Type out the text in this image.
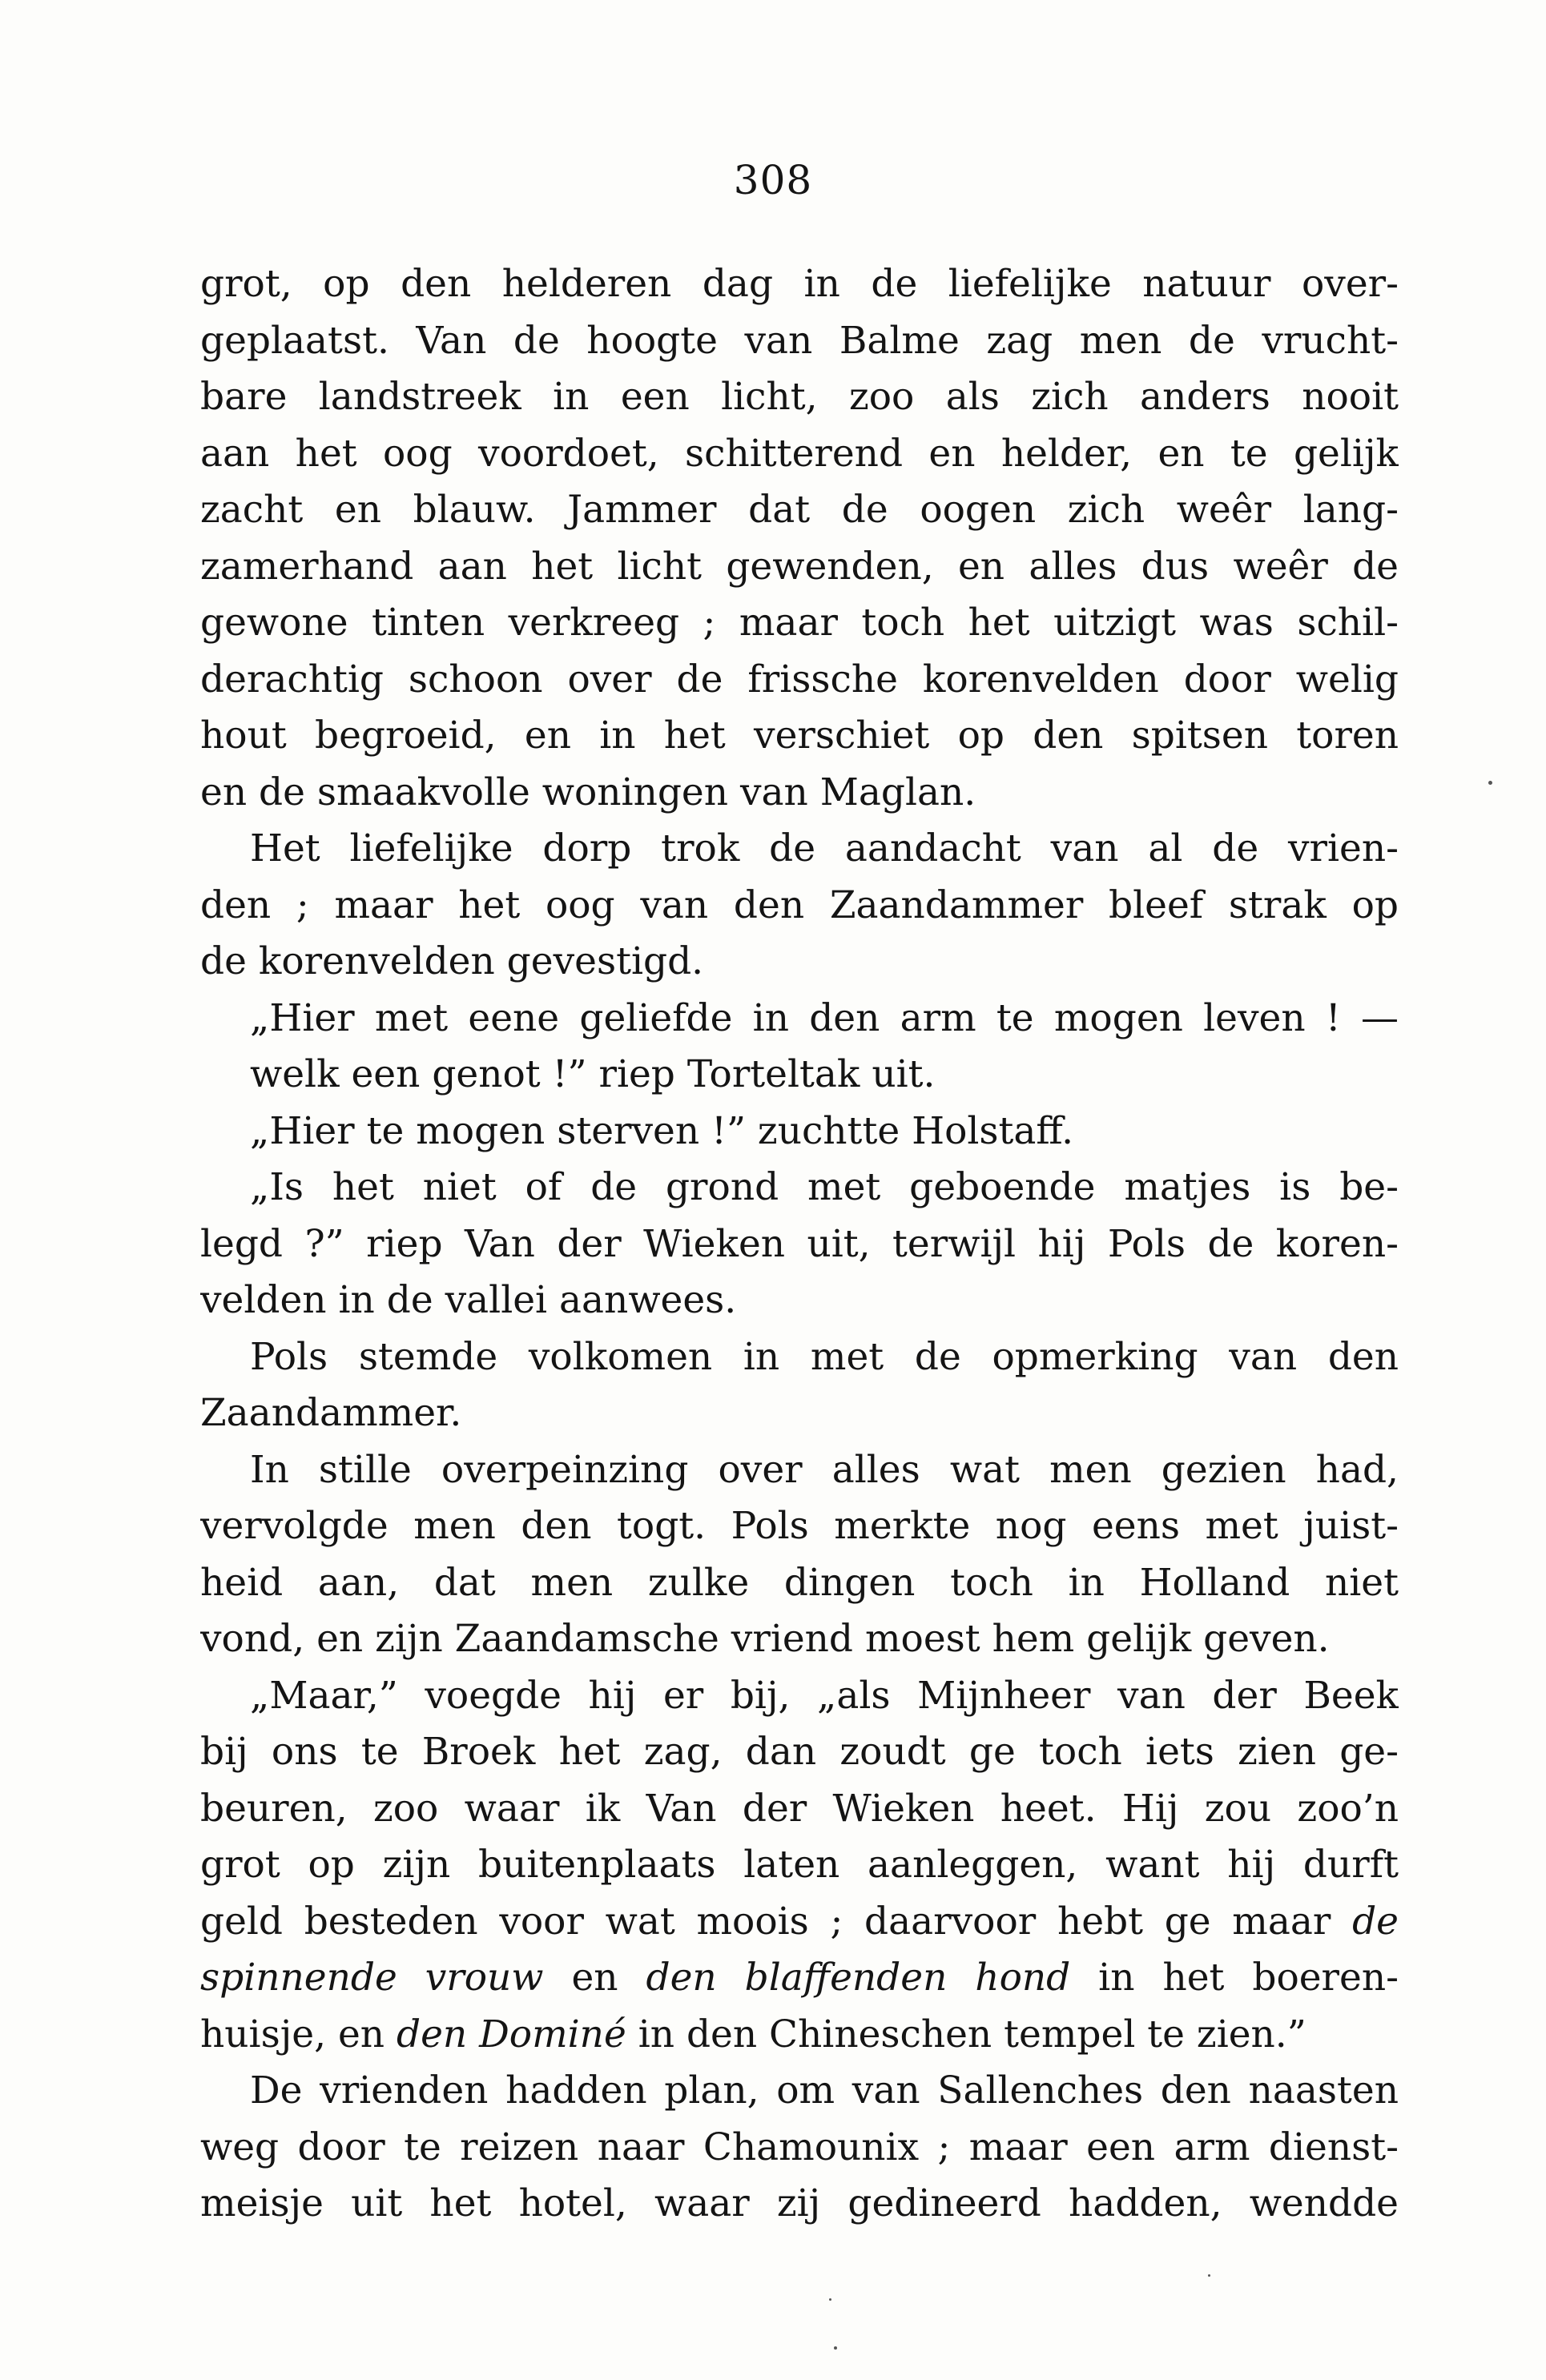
308
grot, op den helderen dag in de liefelijke natuur over-
geplaatst. Van de hoogte van Balme zag men de vrucht-
bare landstreek in een licht, zoo als zich anders nooit
aan het oog voordoet, schitterend en helder, en te gelijk
zacht en blauw. Jammer dat de oogen zich weêr lang-
zamerhand aan het licht gewenden, en alles dus weêr de
gewone tinten verkreeg ; maar toch het uitzigt was schil-
derachtig schoon over de frissche korenvelden door welig
hout begroeid, en in het verschiet op den spitsen toren
en de smaakvolle woningen van Maglan.
Het liefelijke dorp trok de aandacht van al de vrien-
den ; maar het oog van den Zaandammer bleef strak op
de korenvelden gevestigd.
„Hier met eene geliefde in den arm te mogen leven ! —
welk een genot !” riep Torteltak uit.
„Hier te mogen sterven !” zuchtte Holstaff.
„Is het niet of de grond met geboende matjes is be-
legd ?” riep Van der Wieken uit, terwijl hij Pols de koren-
velden in de vallei aanwees.
Pols stemde volkomen in met de opmerking van den
Zaandammer.
In stille overpeinzing over alles wat men gezien had,
vervolgde men den togt. Pols merkte nog eens met juist-
heid aan, dat men zulke dingen toch in Holland niet
vond, en zijn Zaandamsche vriend moest hem gelijk geven.
„Maar,” voegde hij er bij, „als Mijnheer van der Beek
bij ons te Broek het zag, dan zoudt ge toch iets zien ge-
beuren, zoo waar ik Van der Wieken heet. Hij zou zoo’n
grot op zijn buitenplaats laten aanleggen, want hij durft
geld besteden voor wat moois ; daarvoor hebt ge maar de
spinnende vrouw en den blaffenden hond in het boeren-
huisje, en den Dominé in den Chineschen tempel te zien.”
De vrienden hadden plan, om van Sallenches den naasten
weg door te reizen naar Chamounix ; maar een arm dienst-
meisje uit het hotel, waar zij gedineerd hadden, wendde
